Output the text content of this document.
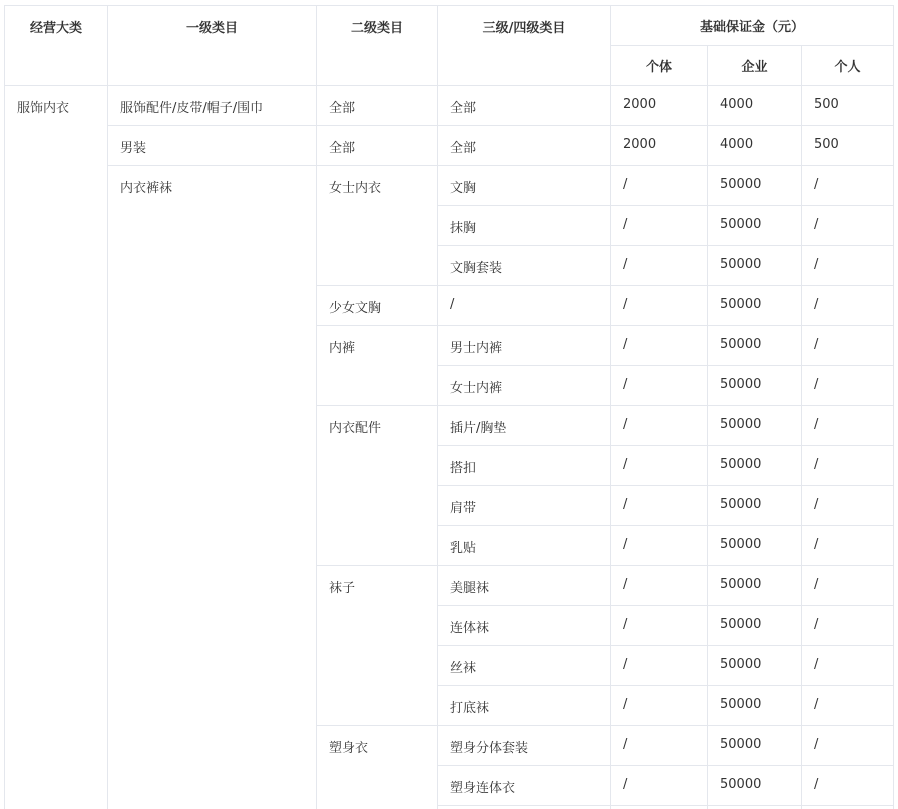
经营大类	一级类目	二级类目	三级/四级类目	基础保证金（元）		
				个体	企业	个人
服饰内衣	服饰配件/皮带/帽子/围巾	全部	全部	2000	4000	500
	男装	全部	全部	2000	4000	500
	内衣裤袜	女士内衣	文胸	/	50000	/
			抹胸	/	50000	/
			文胸套装	/	50000	/
		少女文胸	/	/	50000	/
		内裤	男士内裤	/	50000	/
			女士内裤	/	50000	/
		内衣配件	插片/胸垫	/	50000	/
			搭扣	/	50000	/
			肩带	/	50000	/
			乳贴	/	50000	/
		袜子	美腿袜	/	50000	/
			连体袜	/	50000	/
			丝袜	/	50000	/
			打底袜	/	50000	/
		塑身衣	塑身分体套装	/	50000	/
			塑身连体衣	/	50000	/
